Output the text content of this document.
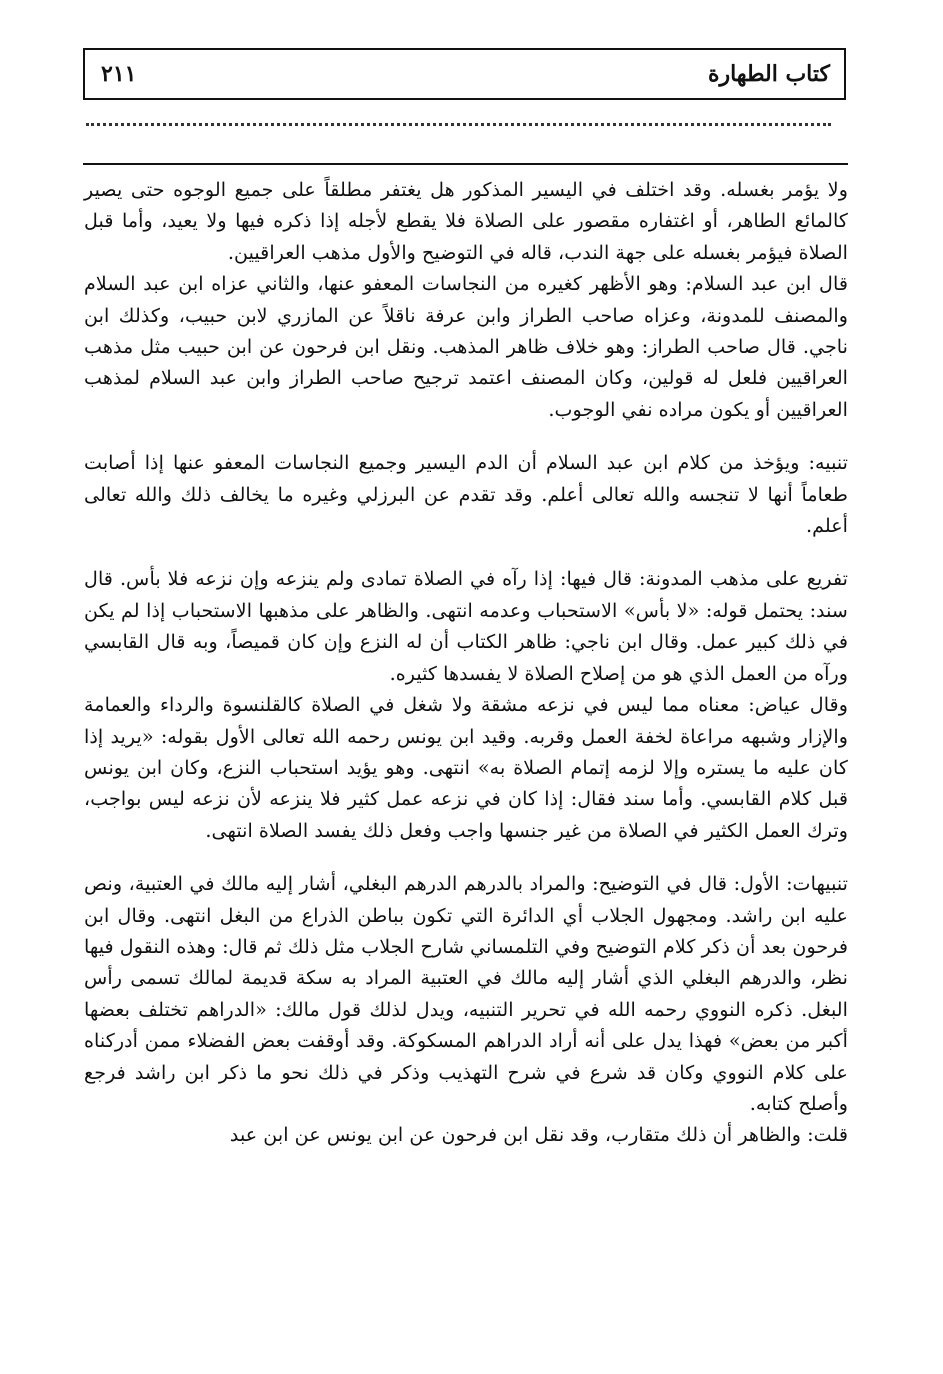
٢١١	كتاب الطهارة

ولا يؤمر بغسله. وقد اختلف في اليسير المذكور هل يغتفر مطلقاً على جميع الوجوه حتى يصير كالمائع الطاهر، أو اغتفاره مقصور على الصلاة فلا يقطع لأجله إذا ذكره فيها ولا يعيد، وأما قبل الصلاة فيؤمر بغسله على جهة الندب، قاله في التوضيح والأول مذهب العراقيين.

قال ابن عبد السلام: وهو الأظهر كغيره من النجاسات المعفو عنها، والثاني عزاه ابن عبد السلام والمصنف للمدونة، وعزاه صاحب الطراز وابن عرفة ناقلاً عن المازري لابن حبيب، وكذلك ابن ناجي. قال صاحب الطراز: وهو خلاف ظاهر المذهب. ونقل ابن فرحون عن ابن حبيب مثل مذهب العراقيين فلعل له قولين، وكان المصنف اعتمد ترجيح صاحب الطراز وابن عبد السلام لمذهب العراقيين أو يكون مراده نفي الوجوب.

تنبيه: ويؤخذ من كلام ابن عبد السلام أن الدم اليسير وجميع النجاسات المعفو عنها إذا أصابت طعاماً أنها لا تنجسه والله تعالى أعلم. وقد تقدم عن البرزلي وغيره ما يخالف ذلك والله تعالى أعلم.

تفريع على مذهب المدونة: قال فيها: إذا رآه في الصلاة تمادى ولم ينزعه وإن نزعه فلا بأس. قال سند: يحتمل قوله: «لا بأس» الاستحباب وعدمه انتهى. والظاهر على مذهبها الاستحباب إذا لم يكن في ذلك كبير عمل. وقال ابن ناجي: ظاهر الكتاب أن له النزع وإن كان قميصاً، وبه قال القابسي ورآه من العمل الذي هو من إصلاح الصلاة لا يفسدها كثيره.

وقال عياض: معناه مما ليس في نزعه مشقة ولا شغل في الصلاة كالقلنسوة والرداء والعمامة والإزار وشبهه مراعاة لخفة العمل وقربه. وقيد ابن يونس رحمه الله تعالى الأول بقوله: «يريد إذا كان عليه ما يستره وإلا لزمه إتمام الصلاة به» انتهى. وهو يؤيد استحباب النزع، وكان ابن يونس قبل كلام القابسي. وأما سند فقال: إذا كان في نزعه عمل كثير فلا ينزعه لأن نزعه ليس بواجب، وترك العمل الكثير في الصلاة من غير جنسها واجب وفعل ذلك يفسد الصلاة انتهى.

تنبيهات: الأول: قال في التوضيح: والمراد بالدرهم الدرهم البغلي، أشار إليه مالك في العتبية، ونص عليه ابن راشد. ومجهول الجلاب أي الدائرة التي تكون بباطن الذراع من البغل انتهى. وقال ابن فرحون بعد أن ذكر كلام التوضيح وفي التلمساني شارح الجلاب مثل ذلك ثم قال: وهذه النقول فيها نظر، والدرهم البغلي الذي أشار إليه مالك في العتبية المراد به سكة قديمة لمالك تسمى رأس البغل. ذكره النووي رحمه الله في تحرير التنبيه، ويدل لذلك قول مالك: «الدراهم تختلف بعضها أكبر من بعض» فهذا يدل على أنه أراد الدراهم المسكوكة. وقد أوقفت بعض الفضلاء ممن أدركناه على كلام النووي وكان قد شرع في شرح التهذيب وذكر في ذلك نحو ما ذكر ابن راشد فرجع وأصلح كتابه.

قلت: والظاهر أن ذلك متقارب، وقد نقل ابن فرحون عن ابن يونس عن ابن عبد
